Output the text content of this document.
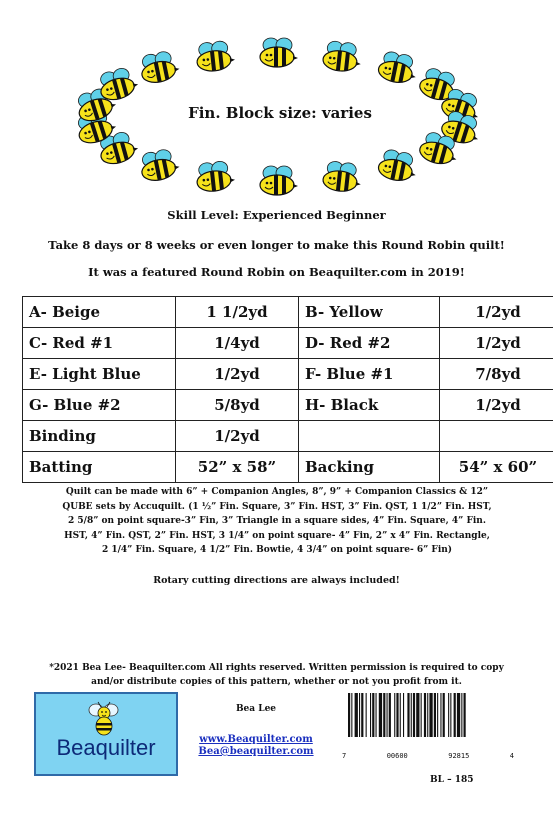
Fin. Block size: varies
Skill Level: Experienced Beginner
Take 8 days or 8 weeks or even longer to make this Round Robin quilt!
It was a featured Round Robin on Beaquilter.com in 2019!
A- Beige	1 1/2yd	B- Yellow	1/2yd
C- Red #1	1/4yd	D- Red #2	1/2yd
E- Light Blue	1/2yd	F- Blue #1	7/8yd
G- Blue #2	5/8yd	H- Black	1/2yd
Binding	1/2yd		
Batting	52” x 58”	Backing	54” x 60”
Quilt can be made with 6” + Companion Angles, 8”, 9” + Companion Classics & 12”
QUBE sets by Accuquilt. (1 ½” Fin. Square, 3” Fin. HST, 3” Fin. QST, 1 1/2” Fin. HST,
2 5/8” on point square-3” Fin, 3” Triangle in a square sides, 4” Fin. Square, 4” Fin.
HST, 4” Fin. QST, 2” Fin. HST, 3 1/4” on point square- 4” Fin, 2” x 4” Fin. Rectangle,
2 1/4” Fin. Square, 4 1/2” Fin. Bowtie, 4 3/4” on point square- 6” Fin)
Rotary cutting directions are always included!
*2021 Bea Lee- Beaquilter.com All rights reserved. Written permission is required to copy
and/or distribute copies of this pattern, whether or not you profit from it.
Beaquilter
Bea Lee
www.Beaquilter.com
Bea@beaquilter.com	7	00600	92815	4
BL – 185
